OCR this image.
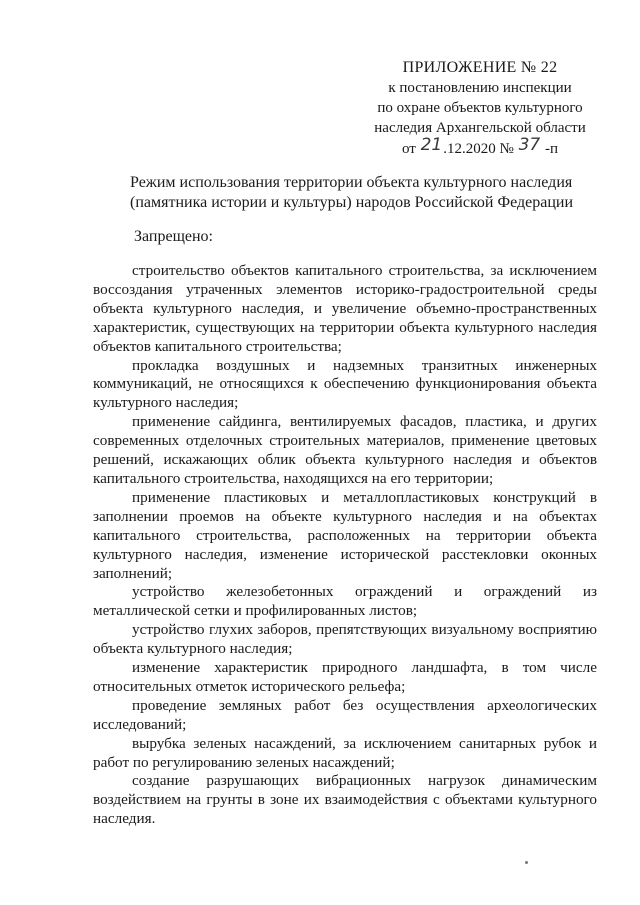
ПРИЛОЖЕНИЕ № 22
к постановлению инспекции
по охране объектов культурного
наследия Архангельской области
от 21.12.2020 № 37 -п
Режим использования территории объекта культурного наследия
(памятника истории и культуры) народов Российской Федерации
Запрещено:

строительство объектов капитального строительства, за исключением воссоздания утраченных элементов историко-градостроительной среды объекта культурного наследия, и увеличение объемно-пространственных характеристик, существующих на территории объекта культурного наследия объектов капитального строительства;

прокладка воздушных и надземных транзитных инженерных коммуникаций, не относящихся к обеспечению функционирования объекта культурного наследия;

применение сайдинга, вентилируемых фасадов, пластика, и других современных отделочных строительных материалов, применение цветовых решений, искажающих облик объекта культурного наследия и объектов капитального строительства, находящихся на его территории;

применение пластиковых и металлопластиковых конструкций в заполнении проемов на объекте культурного наследия и на объектах капитального строительства, расположенных на территории объекта культурного наследия, изменение исторической расстекловки оконных заполнений;

устройство железобетонных ограждений и ограждений из металлической сетки и профилированных листов;

устройство глухих заборов, препятствующих визуальному восприятию объекта культурного наследия;

изменение характеристик природного ландшафта, в том числе относительных отметок исторического рельефа;

проведение земляных работ без осуществления археологических исследований;

вырубка зеленых насаждений, за исключением санитарных рубок и работ по регулированию зеленых насаждений;

создание разрушающих вибрационных нагрузок динамическим воздействием на грунты в зоне их взаимодействия с объектами культурного наследия.
